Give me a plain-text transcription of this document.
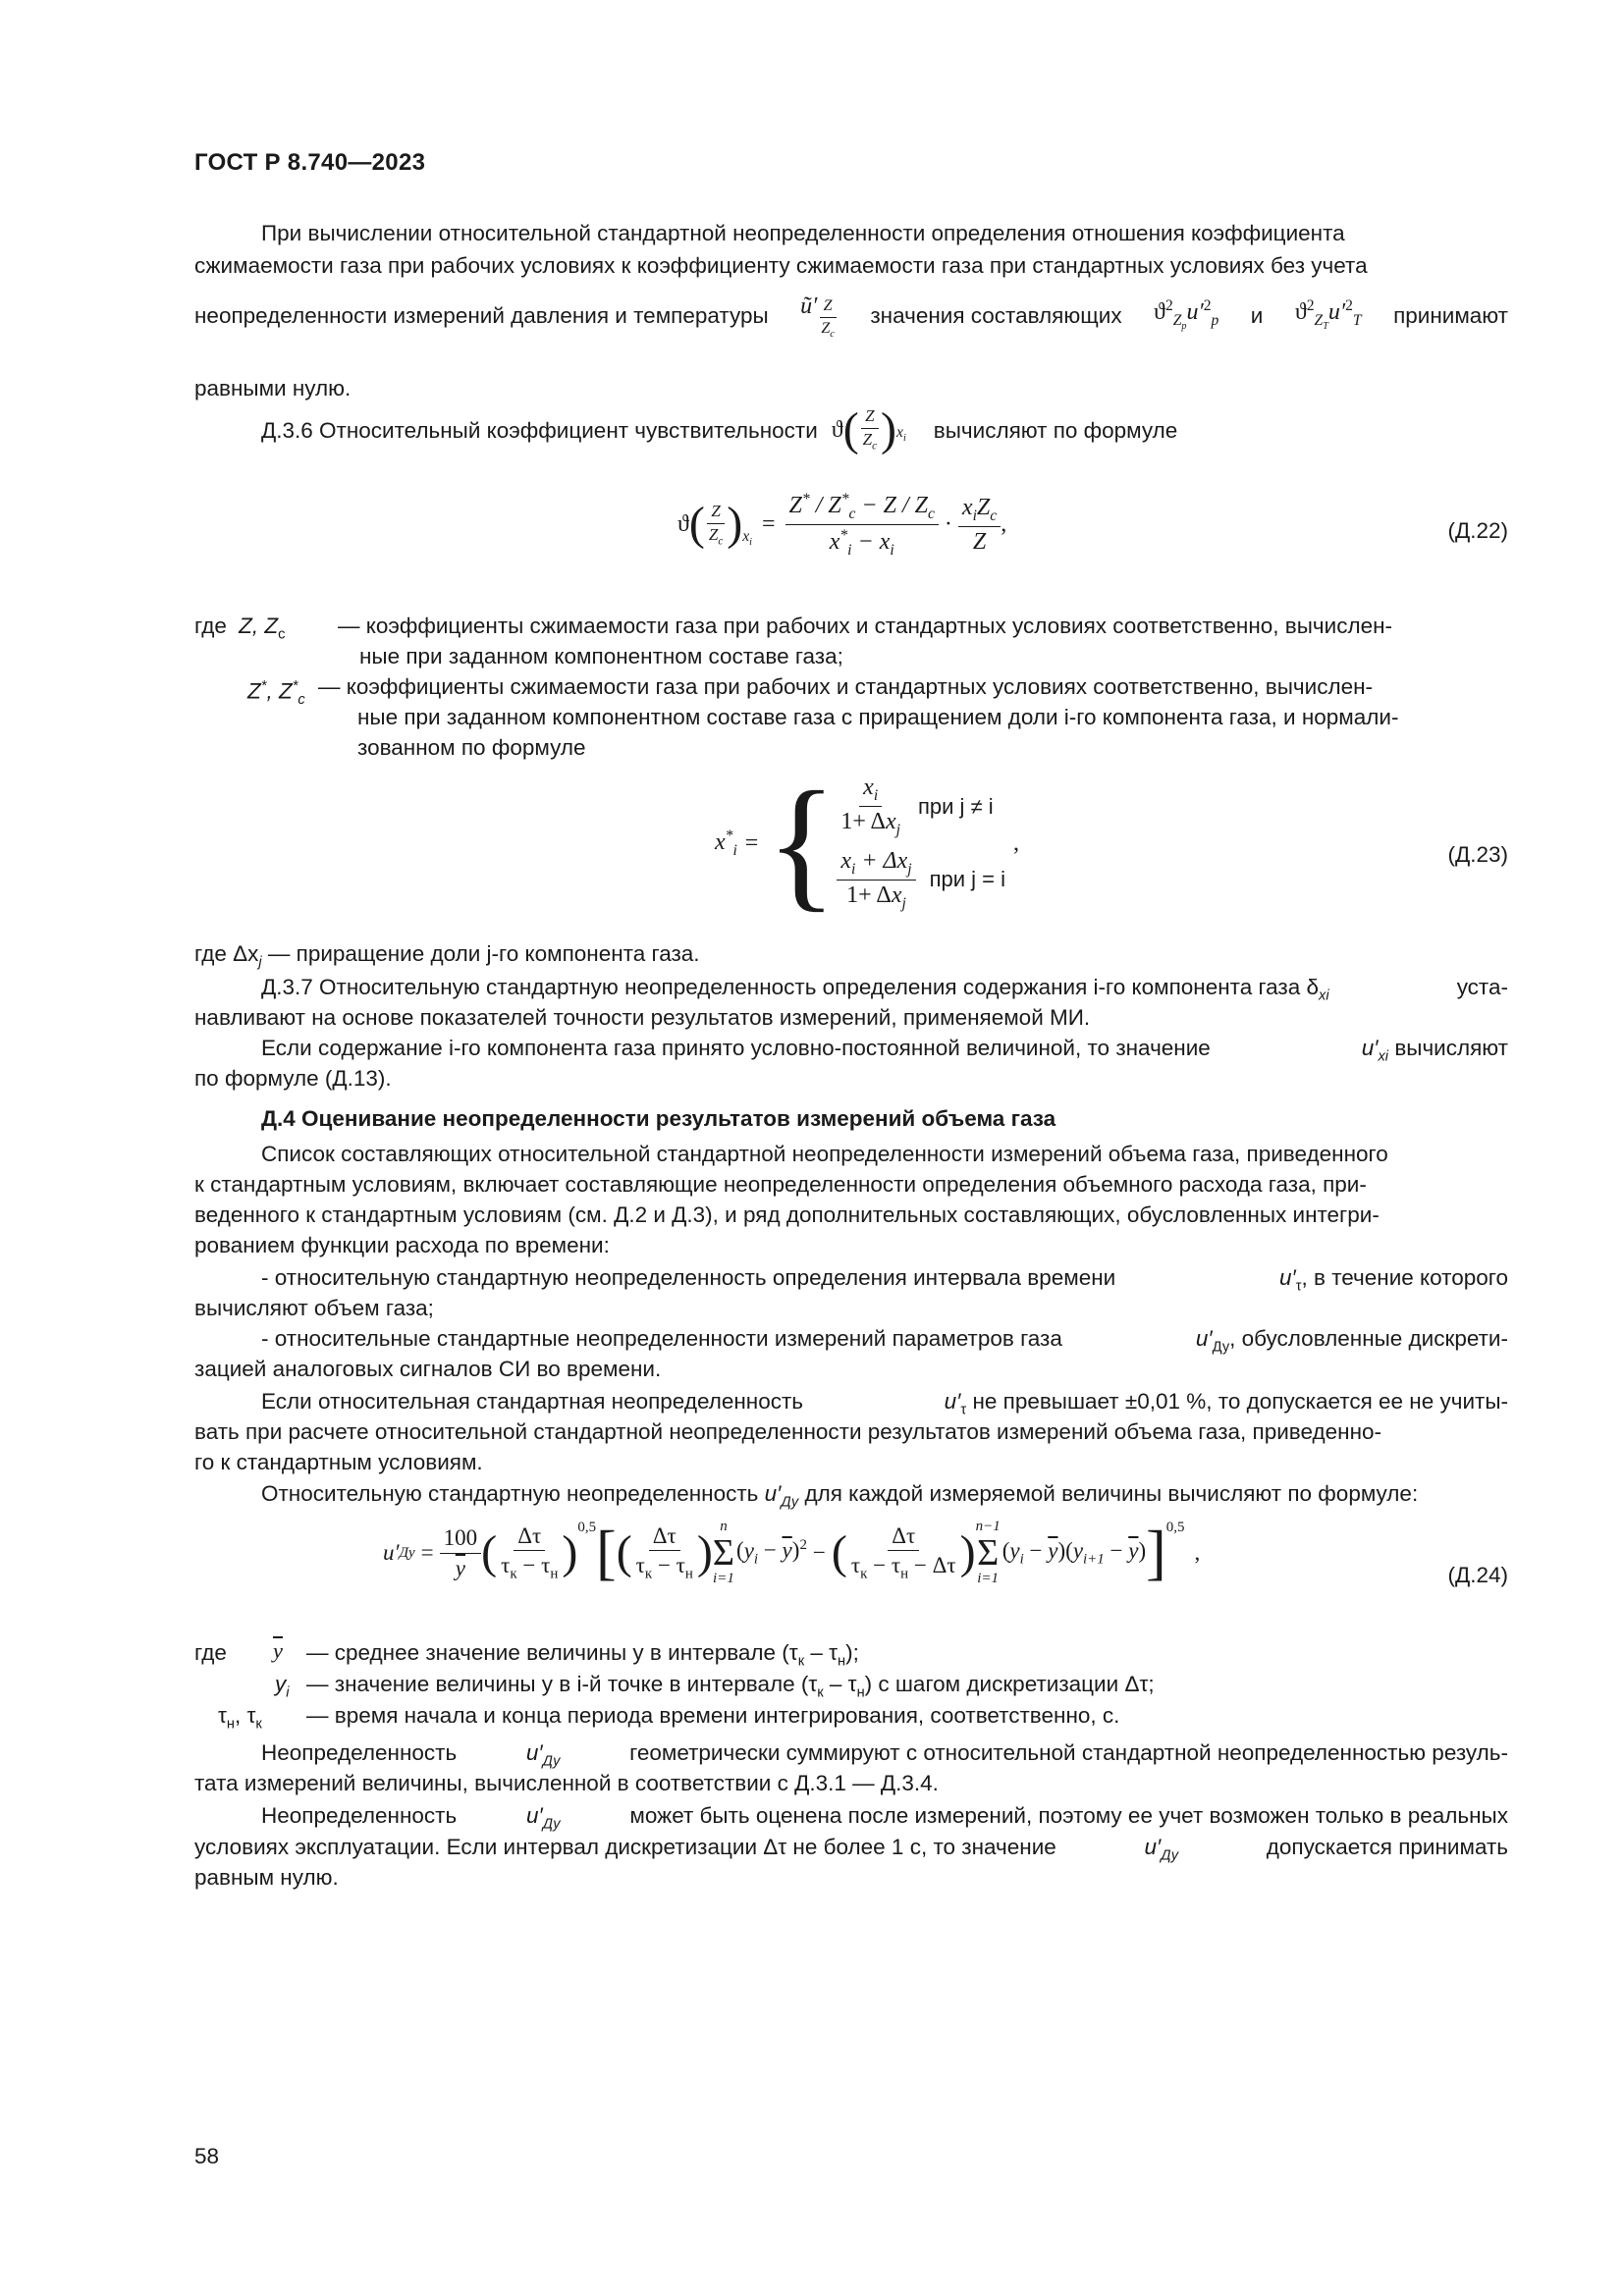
ГОСТ Р 8.740—2023
При вычислении относительной стандартной неопределенности определения отношения коэффициента
сжимаемости газа при рабочих условиях к коэффициенту сжимаемости газа при стандартных условиях без учета
неопределенности измерений давления и температуры ũ′ $\frac{Z}{Z_с}$ значения составляющих $ϑ^2_{Z_p}u'^2_p$ и $ϑ^2_{Z_T}u'^2_T$ принимают
равными нулю.
Д.3.6 Относительный коэффициент чувствительности ϑ ( $\frac{Z}{Z_с} )_{x_i}$ вычисляют по формуле
ϑ ( $\frac{Z}{Z_с} )_{x_i}$
= $\frac{Z^* / Z^*_с - Z / Z_с}{x^*_i - x_i} \cdot \frac{x_iZ_с}{Z}$ ,	(Д.22)
где Z, $Z_с$ — коэффициенты сжимаемости газа при рабочих и стандартных условиях соответственно, вычислен-
ные при заданном компонентном составе газа;
Z*, $Z^*_с$
— коэффициенты сжимаемости газа при рабочих и стандартных условиях соответственно, вычислен-
ные при заданном компонентном составе газа с приращением доли i-го компонента газа, и нормали-
зованном по формуле
$x^*_i$ = { $\frac{x_i}{1+ \Delta x_j}$ при j ≠ i
$\frac{x_i + \Delta x_j}{1+ \Delta x_j}$ при j = i
,	(Д.23)
где $\Delta x_j$ — приращение доли j-го компонента газа.
Д.3.7 Относительную стандартную неопределенность определения содержания i-го компонента газа $\delta_{xi}$	уста-
навливают на основе показателей точности результатов измерений, применяемой МИ.
Если содержание i-го компонента газа принято условно-постоянной величиной, то значение	$u'_{xi}$ вычисляют
по формуле (Д.13).
Д.4 Оценивание неопределенности результатов измерений объема газа
Список составляющих относительной стандартной неопределенности измерений объема газа, приведенного
к стандартным условиям, включает составляющие неопределенности определения объемного расхода газа, при-
веденного к стандартным условиям (см. Д.2 и Д.3), и ряд дополнительных составляющих, обусловленных интегри-
рованием функции расхода по времени:
- относительную стандартную неопределенность определения интервала времени	$u'_\tau$, в течение которого
вычисляют объем газа;
- относительные стандартные неопределенности измерений параметров газа	$u'_{Ду}$, обусловленные дискрети-
зацией аналоговых сигналов СИ во времени.
Если относительная стандартная неопределенность	$u'_\tau$ не превышает ±0,01 %, то допускается ее не учиты-
вать при расчете относительной стандартной неопределенности результатов измерений объема газа, приведенно-
го к стандартным условиям.
Относительную стандартную неопределенность $u'_{Ду}$ для каждой измеряемой величины вычисляют по формуле:
u′ Ду = $\frac{100}{y}$ ( $\frac{\Delta\tau}{\tau_к - \tau_н} )^{0,5}$ [ ( $\frac{\Delta\tau}{\tau_к - \tau_н}$ ) n
Σ
i=1
$(y_i - \overline{y})^2$ − ( $\frac{\Delta\tau}{\tau_к - \tau_н - \Delta\tau}$ ) n−1
Σ
i=1
$(y_i - \overline{y})(y_{i+1} - \overline{y})$ ]$^{0,5}$
,
(Д.24)
где $\overline{y}$ — среднее значение величины y в интервале $(\tau_к - \tau_н)$;
$y_i$ — значение величины y в i-й точке в интервале $(\tau_к - \tau_н)$ с шагом дискретизации Δτ;
$\tau_н$, $\tau_к$ — время начала и конца периода времени интегрирования, соответственно, с.
Неопределенность	$u'_{Ду}$	геометрически суммируют с относительной стандартной неопределенностью резуль-
тата измерений величины, вычисленной в соответствии с Д.3.1 — Д.3.4.
Неопределенность	$u'_{Ду}$	может быть оценена после измерений, поэтому ее учет возможен только в реальных
условиях эксплуатации. Если интервал дискретизации Δτ не более 1 с, то значение	$u'_{Ду}$	допускается принимать
равным нулю.
58
